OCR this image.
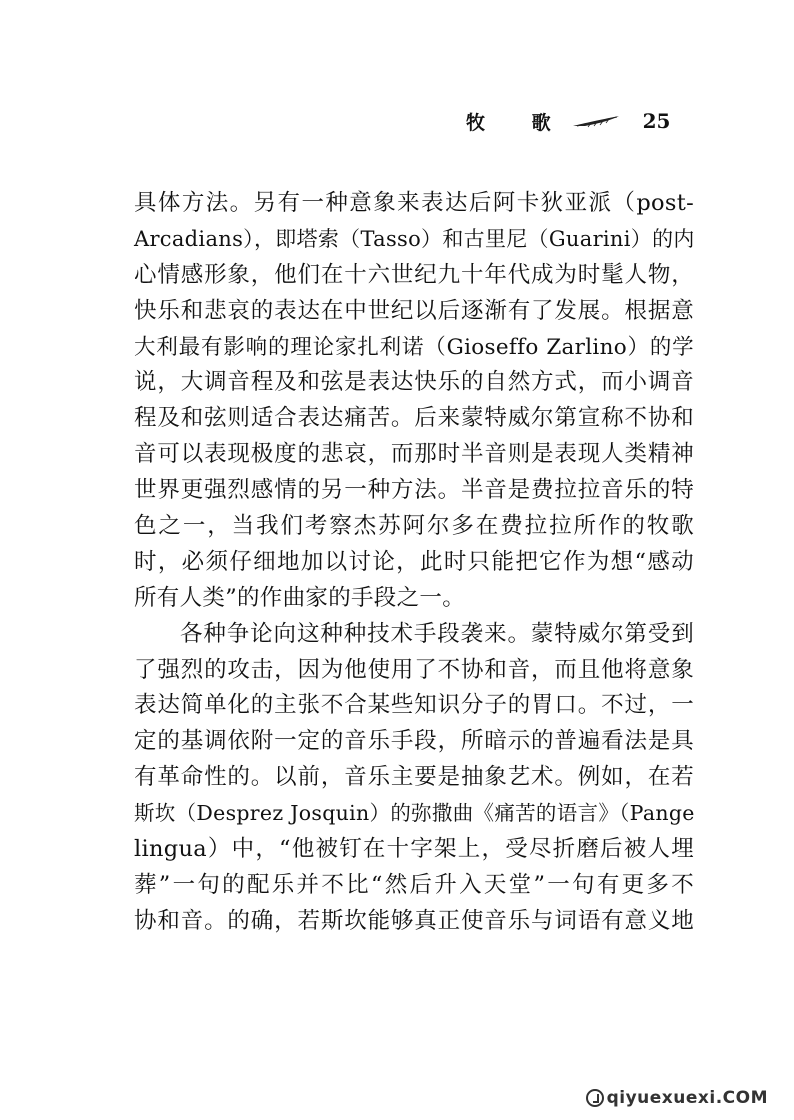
牧 歌	25
具体方法。另有一种意象来表达后阿卡狄亚派（post-
Arcadians），即塔索（Tasso）和古里尼（Guarini）的内
心情感形象，他们在十六世纪九十年代成为时髦人物，
快乐和悲哀的表达在中世纪以后逐渐有了发展。根据意
大利最有影响的理论家扎利诺（Gioseffo Zarlino）的学
说，大调音程及和弦是表达快乐的自然方式，而小调音
程及和弦则适合表达痛苦。后来蒙特威尔第宣称不协和
音可以表现极度的悲哀，而那时半音则是表现人类精神
世界更强烈感情的另一种方法。半音是费拉拉音乐的特
色之一，当我们考察杰苏阿尔多在费拉拉所作的牧歌
时，必须仔细地加以讨论，此时只能把它作为想“感动
所有人类”的作曲家的手段之一。
各种争论向这种种技术手段袭来。蒙特威尔第受到
了强烈的攻击，因为他使用了不协和音，而且他将意象
表达简单化的主张不合某些知识分子的胃口。不过，一
定的基调依附一定的音乐手段，所暗示的普遍看法是具
有革命性的。以前，音乐主要是抽象艺术。例如，在若
斯坎（Desprez Josquin）的弥撒曲《痛苦的语言》（Pange
lingua）中，“他被钉在十字架上，受尽折磨后被人埋
葬”一句的配乐并不比“然后升入天堂”一句有更多不
协和音。的确，若斯坎能够真正使音乐与词语有意义地
qiyuexuexi.COM
